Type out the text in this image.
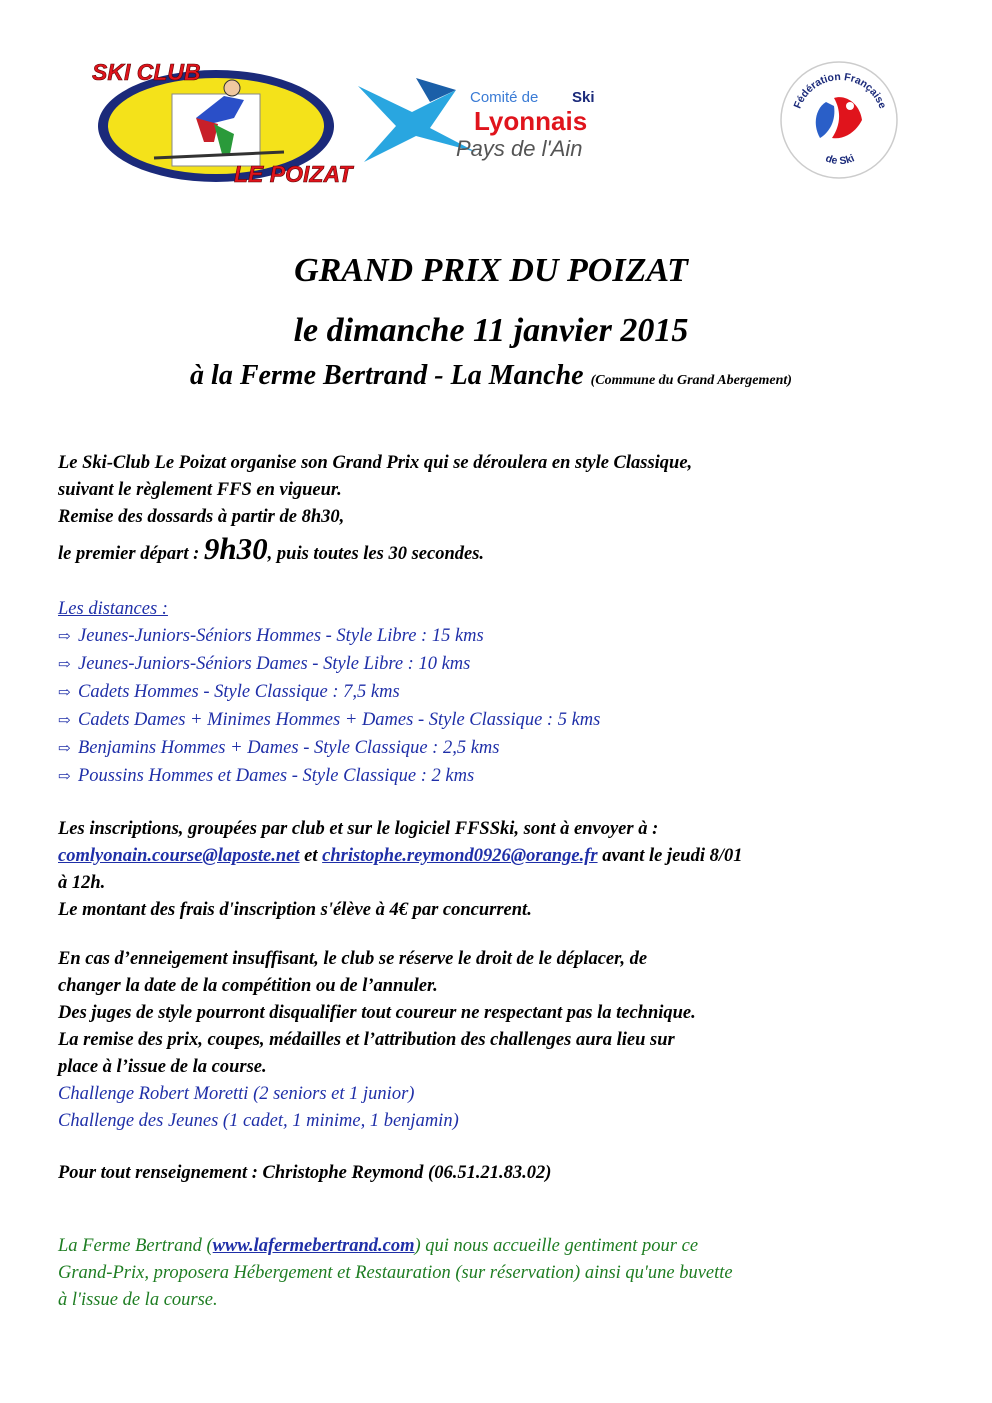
SKI CLUB
LE POIZAT
Comité de Ski
Lyonnais
Pays de l'Ain
Fédération Française
de Ski
GRAND PRIX DU POIZAT
le dimanche 11 janvier 2015
à la Ferme Bertrand - La Manche (Commune du Grand Abergement)
Le Ski-Club Le Poizat organise son Grand Prix qui se déroulera en style Classique,
suivant le règlement FFS en vigueur.
Remise des dossards à partir de 8h30,
le premier départ : 9h30, puis toutes les 30 secondes.
Les distances :
⇨ Jeunes-Juniors-Séniors Hommes - Style Libre : 15 kms
⇨ Jeunes-Juniors-Séniors Dames - Style Libre : 10 kms
⇨ Cadets Hommes - Style Classique : 7,5 kms
⇨ Cadets Dames + Minimes Hommes + Dames - Style Classique : 5 kms
⇨ Benjamins Hommes + Dames - Style Classique : 2,5 kms
⇨ Poussins Hommes et Dames - Style Classique : 2 kms
Les inscriptions, groupées par club et sur le logiciel FFSSki, sont à envoyer à :
comlyonain.course@laposte.net et christophe.reymond0926@orange.fr avant le jeudi 8/01
à 12h.
Le montant des frais d'inscription s'élève à 4€ par concurrent.
En cas d’enneigement insuffisant, le club se réserve le droit de le déplacer, de
changer la date de la compétition ou de l’annuler.
Des juges de style pourront disqualifier tout coureur ne respectant pas la technique.
La remise des prix, coupes, médailles et l’attribution des challenges aura lieu sur
place à l’issue de la course.
Challenge Robert Moretti (2 seniors et 1 junior)
Challenge des Jeunes (1 cadet, 1 minime, 1 benjamin)
Pour tout renseignement : Christophe Reymond (06.51.21.83.02)
La Ferme Bertrand (www.lafermebertrand.com) qui nous accueille gentiment pour ce
Grand-Prix, proposera Hébergement et Restauration (sur réservation) ainsi qu'une buvette
à l'issue de la course.
